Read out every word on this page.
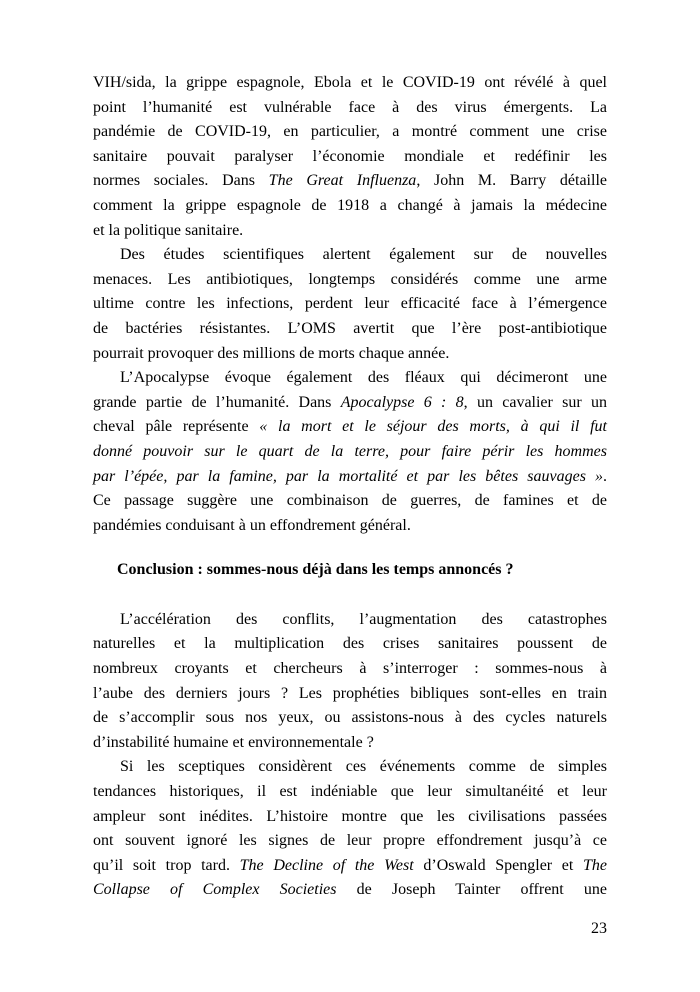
VIH/sida, la grippe espagnole, Ebola et le COVID-19 ont révélé à quel
point l’humanité est vulnérable face à des virus émergents. La
pandémie de COVID-19, en particulier, a montré comment une crise
sanitaire pouvait paralyser l’économie mondiale et redéfinir les
normes sociales. Dans The Great Influenza, John M. Barry détaille
comment la grippe espagnole de 1918 a changé à jamais la médecine
et la politique sanitaire.
Des études scientifiques alertent également sur de nouvelles
menaces. Les antibiotiques, longtemps considérés comme une arme
ultime contre les infections, perdent leur efficacité face à l’émergence
de bactéries résistantes. L’OMS avertit que l’ère post-antibiotique
pourrait provoquer des millions de morts chaque année.
L’Apocalypse évoque également des fléaux qui décimeront une
grande partie de l’humanité. Dans Apocalypse 6 : 8, un cavalier sur un
cheval pâle représente « la mort et le séjour des morts, à qui il fut
donné pouvoir sur le quart de la terre, pour faire périr les hommes
par l’épée, par la famine, par la mortalité et par les bêtes sauvages ».
Ce passage suggère une combinaison de guerres, de famines et de
pandémies conduisant à un effondrement général.
Conclusion : sommes-nous déjà dans les temps annoncés ?
L’accélération des conflits, l’augmentation des catastrophes
naturelles et la multiplication des crises sanitaires poussent de
nombreux croyants et chercheurs à s’interroger : sommes-nous à
l’aube des derniers jours ? Les prophéties bibliques sont-elles en train
de s’accomplir sous nos yeux, ou assistons-nous à des cycles naturels
d’instabilité humaine et environnementale ?
Si les sceptiques considèrent ces événements comme de simples
tendances historiques, il est indéniable que leur simultanéité et leur
ampleur sont inédites. L’histoire montre que les civilisations passées
ont souvent ignoré les signes de leur propre effondrement jusqu’à ce
qu’il soit trop tard. The Decline of the West d’Oswald Spengler et The
Collapse of Complex Societies de Joseph Tainter offrent une
23
